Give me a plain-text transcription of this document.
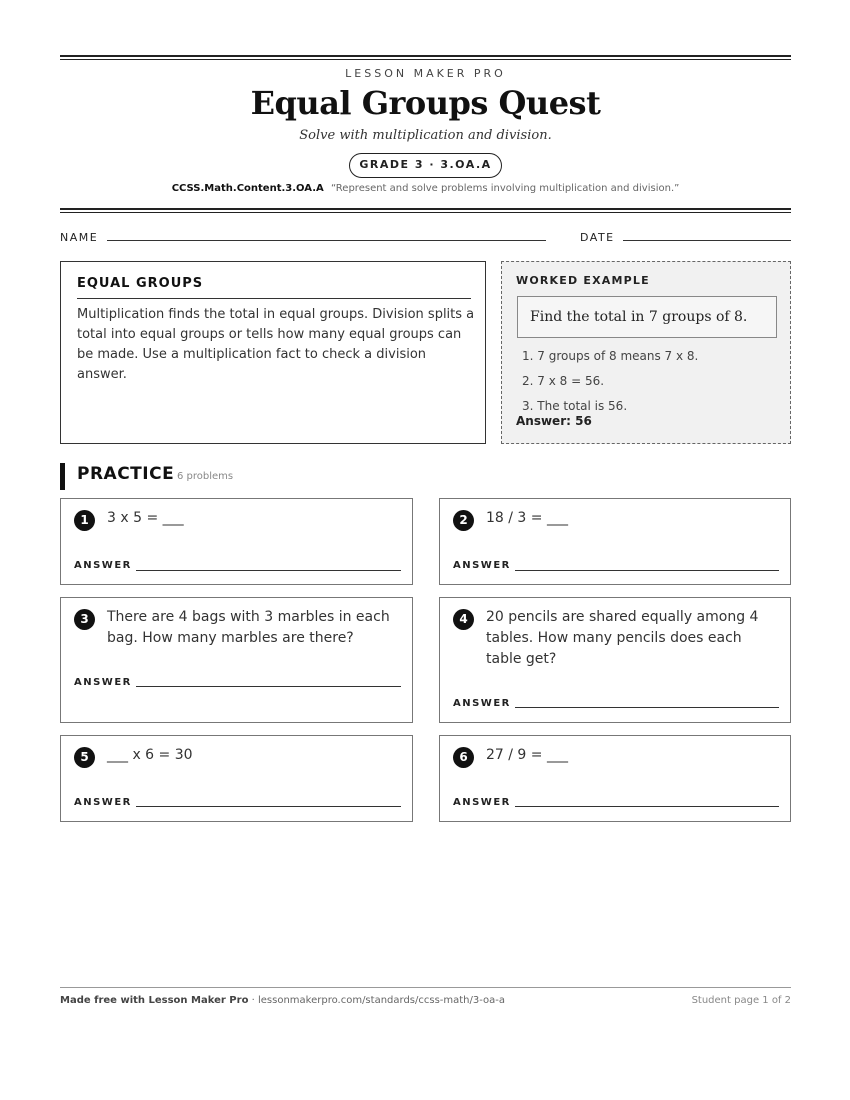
LESSON MAKER PRO
Equal Groups Quest
Solve with multiplication and division.
GRADE 3 · 3.OA.A
CCSS.Math.Content.3.OA.A “Represent and solve problems involving multiplication and division.”
NAME	DATE
EQUAL GROUPS
Multiplication finds the total in equal groups. Division splits a total into equal groups or tells how many equal groups can be made. Use a multiplication fact to check a division answer.
WORKED EXAMPLE
Find the total in 7 groups of 8.
1. 7 groups of 8 means 7 x 8.
2. 7 x 8 = 56.
3. The total is 56.
Answer: 56
PRACTICE 6 problems
1	3 x 5 = ___
ANSWER
2	18 / 3 = ___
ANSWER
3	There are 4 bags with 3 marbles in each bag. How many marbles are there?
ANSWER
4	20 pencils are shared equally among 4 tables. How many pencils does each table get?
ANSWER
5	___ x 6 = 30
ANSWER
6	27 / 9 = ___
ANSWER
Made free with Lesson Maker Pro · lessonmakerpro.com/standards/ccss-math/3-oa-a	Student page 1 of 2
